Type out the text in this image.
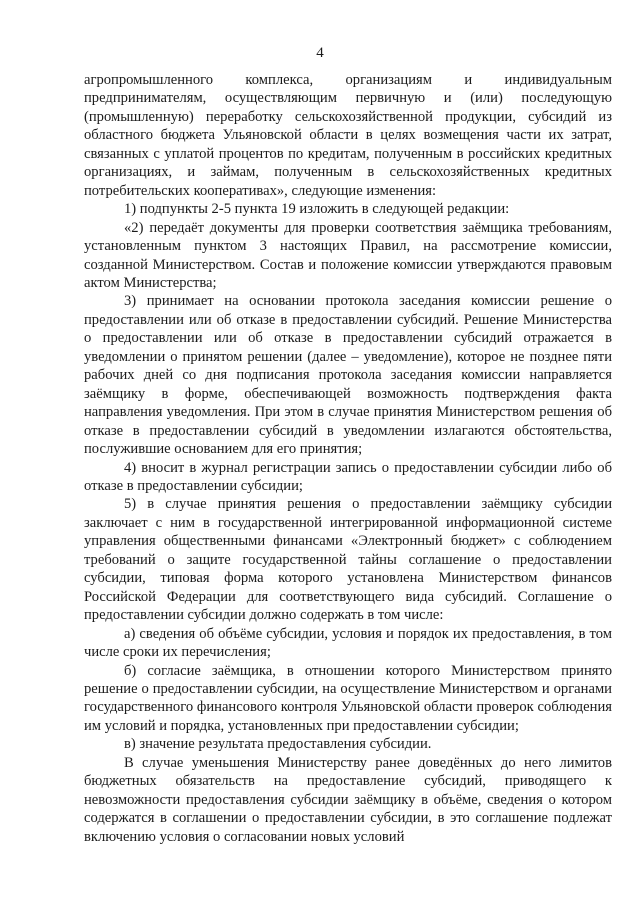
4

агропромышленного комплекса, организациям и индивидуальным предпринимателям, осуществляющим первичную и (или) последующую (промышленную) переработку сельскохозяйственной продукции, субсидий из областного бюджета Ульяновской области в целях возмещения части их затрат, связанных с уплатой процентов по кредитам, полученным в российских кредитных организациях, и займам, полученным в сельскохозяйственных кредитных потребительских кооперативах», следующие изменения:

1) подпункты 2-5 пункта 19 изложить в следующей редакции:

«2) передаёт документы для проверки соответствия заёмщика требованиям, установленным пунктом 3 настоящих Правил, на рассмотрение комиссии, созданной Министерством. Состав и положение комиссии утверждаются правовым актом Министерства;

3) принимает на основании протокола заседания комиссии решение о предоставлении или об отказе в предоставлении субсидий. Решение Министерства о предоставлении или об отказе в предоставлении субсидий отражается в уведомлении о принятом решении (далее – уведомление), которое не позднее пяти рабочих дней со дня подписания протокола заседания комиссии направляется заёмщику в форме, обеспечивающей возможность подтверждения факта направления уведомления. При этом в случае принятия Министерством решения об отказе в предоставлении субсидий в уведомлении излагаются обстоятельства, послужившие основанием для его принятия;

4) вносит в журнал регистрации запись о предоставлении субсидии либо об отказе в предоставлении субсидии;

5) в случае принятия решения о предоставлении заёмщику субсидии заключает с ним в государственной интегрированной информационной системе управления общественными финансами «Электронный бюджет» с соблюдением требований о защите государственной тайны соглашение о предоставлении субсидии, типовая форма которого установлена Министерством финансов Российской Федерации для соответствующего вида субсидий. Соглашение о предоставлении субсидии должно содержать в том числе:

а) сведения об объёме субсидии, условия и порядок их предоставления, в том числе сроки их перечисления;

б) согласие заёмщика, в отношении которого Министерством принято решение о предоставлении субсидии, на осуществление Министерством и органами государственного финансового контроля Ульяновской области проверок соблюдения им условий и порядка, установленных при предоставлении субсидии;

в) значение результата предоставления субсидии.

В случае уменьшения Министерству ранее доведённых до него лимитов бюджетных обязательств на предоставление субсидий, приводящего к невозможности предоставления субсидии заёмщику в объёме, сведения о котором содержатся в соглашении о предоставлении субсидии, в это соглашение подлежат включению условия о согласовании новых условий
